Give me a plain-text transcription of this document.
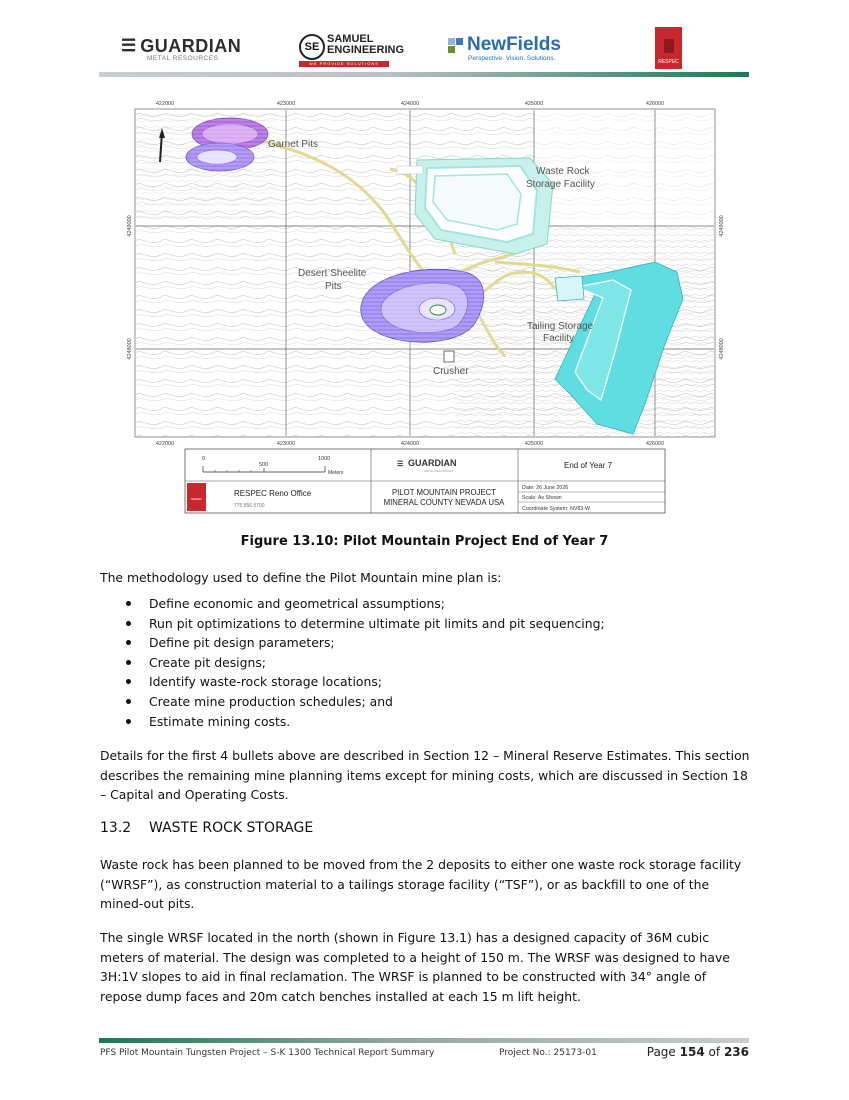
☰ GUARDIAN
METAL RESOURCES
SE
SAMUEL
ENGINEERING
WE PROVIDE SOLUTIONS
NewFields
Perspective. Vision. Solutions.	RESPEC
Garnet Pits
Waste Rock
Storage Facility
Desert Sheelite
Pits
Tailing Storage
Facility
Crusher
422000	423000	424000	425000	426000
422000	423000	424000	425000	426000
4249000
4248000
4249000
4248000
0
500
1000
Meters
☰ GUARDIAN
METAL RESOURCES
End of Year 7
RESPEC
RESPEC Reno Office
775.856.5700
PILOT MOUNTAIN PROJECT
MINERAL COUNTY NEVADA USA
Date: 26 June 2026
Scale: As Shown
Coordinate System: NV83-W
Figure 13.10: Pilot Mountain Project End of Year 7
The methodology used to define the Pilot Mountain mine plan is:
Define economic and geometrical assumptions;
Run pit optimizations to determine ultimate pit limits and pit sequencing;
Define pit design parameters;
Create pit designs;
Identify waste-rock storage locations;
Create mine production schedules; and
Estimate mining costs.
Details for the first 4 bullets above are described in Section 12 – Mineral Reserve Estimates. This section describes the remaining mine planning items except for mining costs, which are discussed in Section 18 – Capital and Operating Costs.
13.2 WASTE ROCK STORAGE
Waste rock has been planned to be moved from the 2 deposits to either one waste rock storage facility (“WRSF”), as construction material to a tailings storage facility (“TSF”), or as backfill to one of the mined-out pits.
The single WRSF located in the north (shown in Figure 13.1) has a designed capacity of 36M cubic meters of material. The design was completed to a height of 150 m. The WRSF was designed to have 3H:1V slopes to aid in final reclamation. The WRSF is planned to be constructed with 34° angle of repose dump faces and 20m catch benches installed at each 15 m lift height.
PFS Pilot Mountain Tungsten Project – S-K 1300 Technical Report Summary	Project No.: 25173-01	Page 154 of 236
